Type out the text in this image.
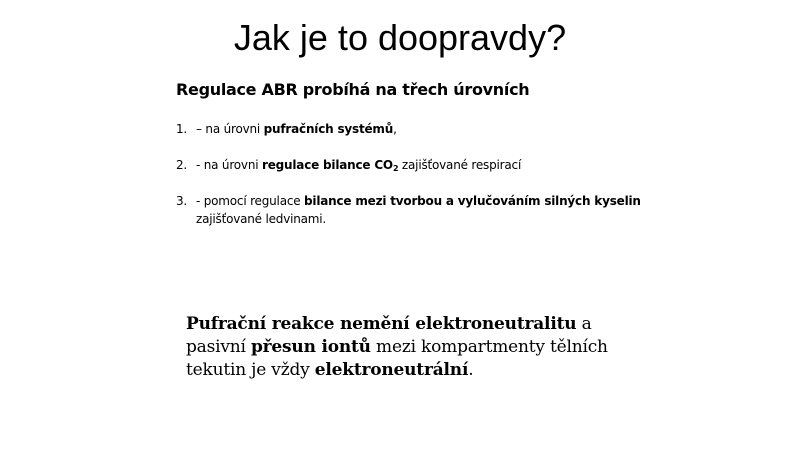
Jak je to doopravdy?
Regulace ABR probíhá na třech úrovních
1. – na úrovni pufračních systémů,
2. - na úrovni regulace bilance $CO_2$ zajišťované respirací
3. - pomocí regulace bilance mezi tvorbou a vylučováním silných kyselin zajišťované ledvinami.
Pufrační reakce nemění elektroneutralitu a pasivní přesun iontů mezi kompartmenty tělních tekutin je vždy elektroneutrální.
